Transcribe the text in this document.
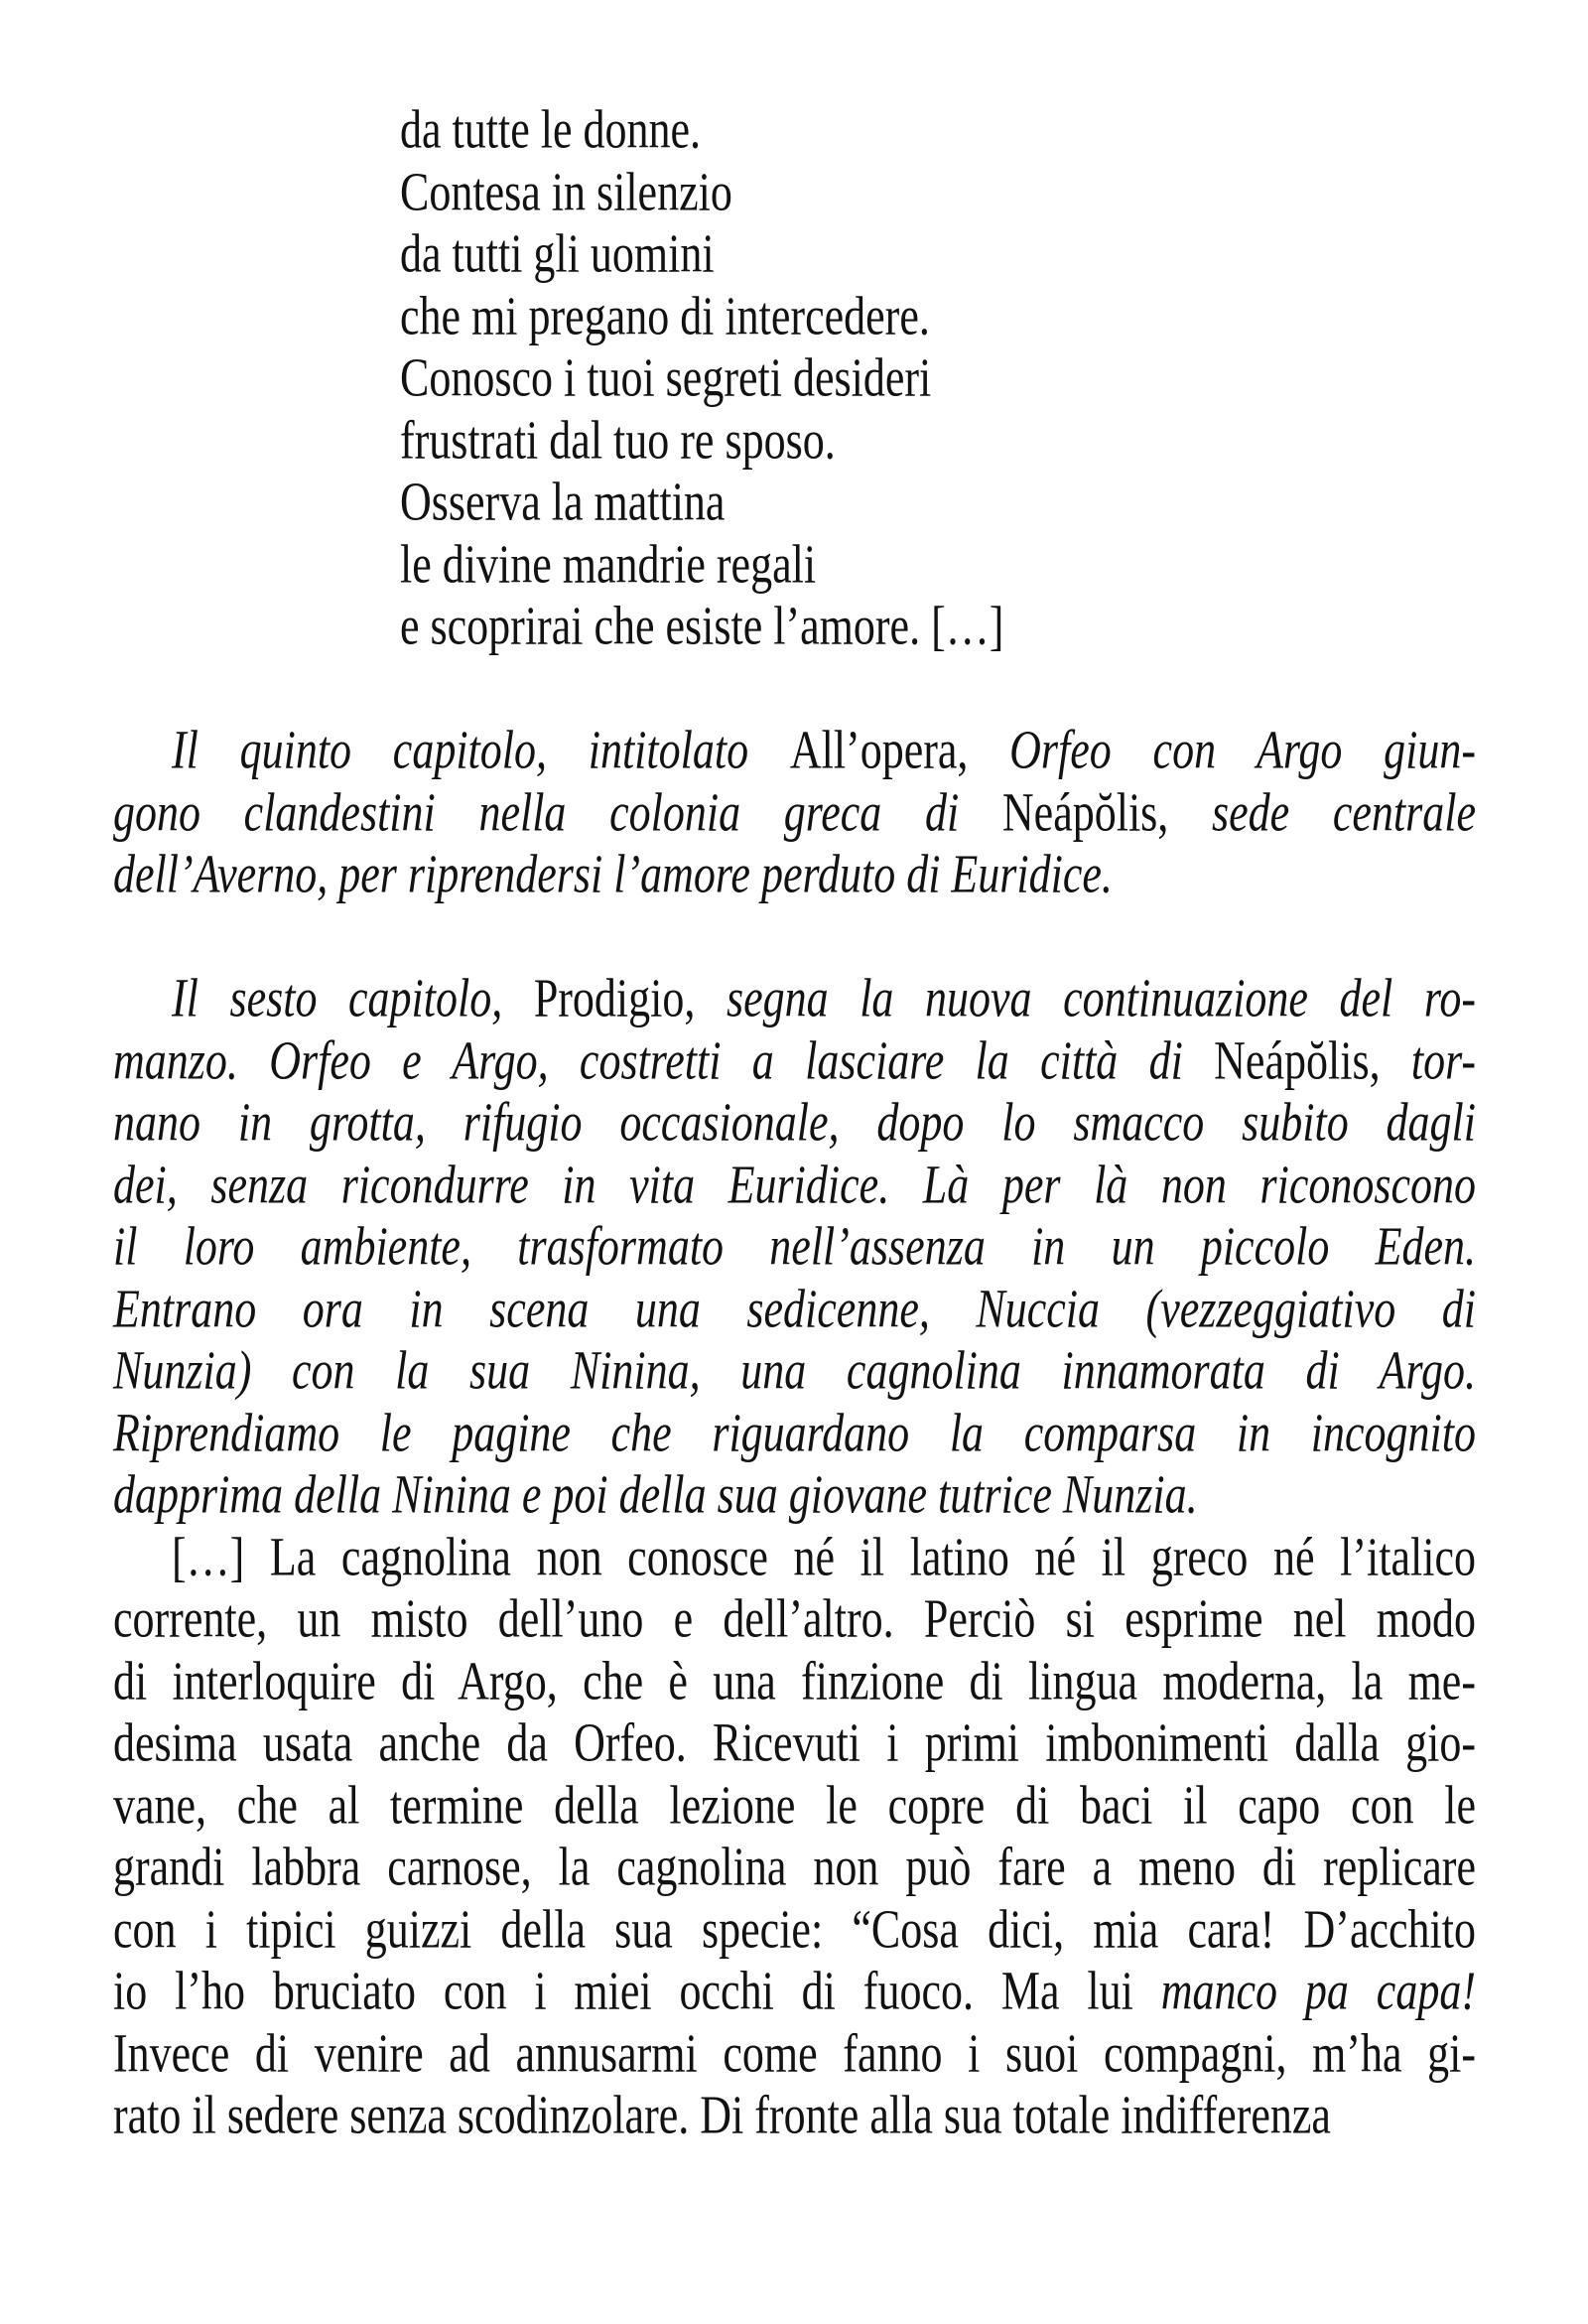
da tutte le donne.
Contesa in silenzio
da tutti gli uomini
che mi pregano di intercedere.
Conosco i tuoi segreti desideri
frustrati dal tuo re sposo.
Osserva la mattina
le divine mandrie regali
e scoprirai che esiste l’amore. […]
Il quinto capitolo, intitolato All’opera, Orfeo con Argo giun-
gono clandestini nella colonia greca di Neápŏlis, sede centrale
dell’Averno, per riprendersi l’amore perduto di Euridice.
Il sesto capitolo, Prodigio, segna la nuova continuazione del ro-
manzo. Orfeo e Argo, costretti a lasciare la città di Neápŏlis, tor-
nano in grotta, rifugio occasionale, dopo lo smacco subito dagli
dei, senza ricondurre in vita Euridice. Là per là non riconoscono
il loro ambiente, trasformato nell’assenza in un piccolo Eden.
Entrano ora in scena una sedicenne, Nuccia (vezzeggiativo di
Nunzia) con la sua Ninina, una cagnolina innamorata di Argo.
Riprendiamo le pagine che riguardano la comparsa in incognito
dapprima della Ninina e poi della sua giovane tutrice Nunzia.
[…] La cagnolina non conosce né il latino né il greco né l’italico
corrente, un misto dell’uno e dell’altro. Perciò si esprime nel modo
di interloquire di Argo, che è una finzione di lingua moderna, la me-
desima usata anche da Orfeo. Ricevuti i primi imbonimenti dalla gio-
vane, che al termine della lezione le copre di baci il capo con le
grandi labbra carnose, la cagnolina non può fare a meno di replicare
con i tipici guizzi della sua specie: “Cosa dici, mia cara! D’acchito
io l’ho bruciato con i miei occhi di fuoco. Ma lui manco pa capa!
Invece di venire ad annusarmi come fanno i suoi compagni, m’ha gi-
rato il sedere senza scodinzolare. Di fronte alla sua totale indifferenza
